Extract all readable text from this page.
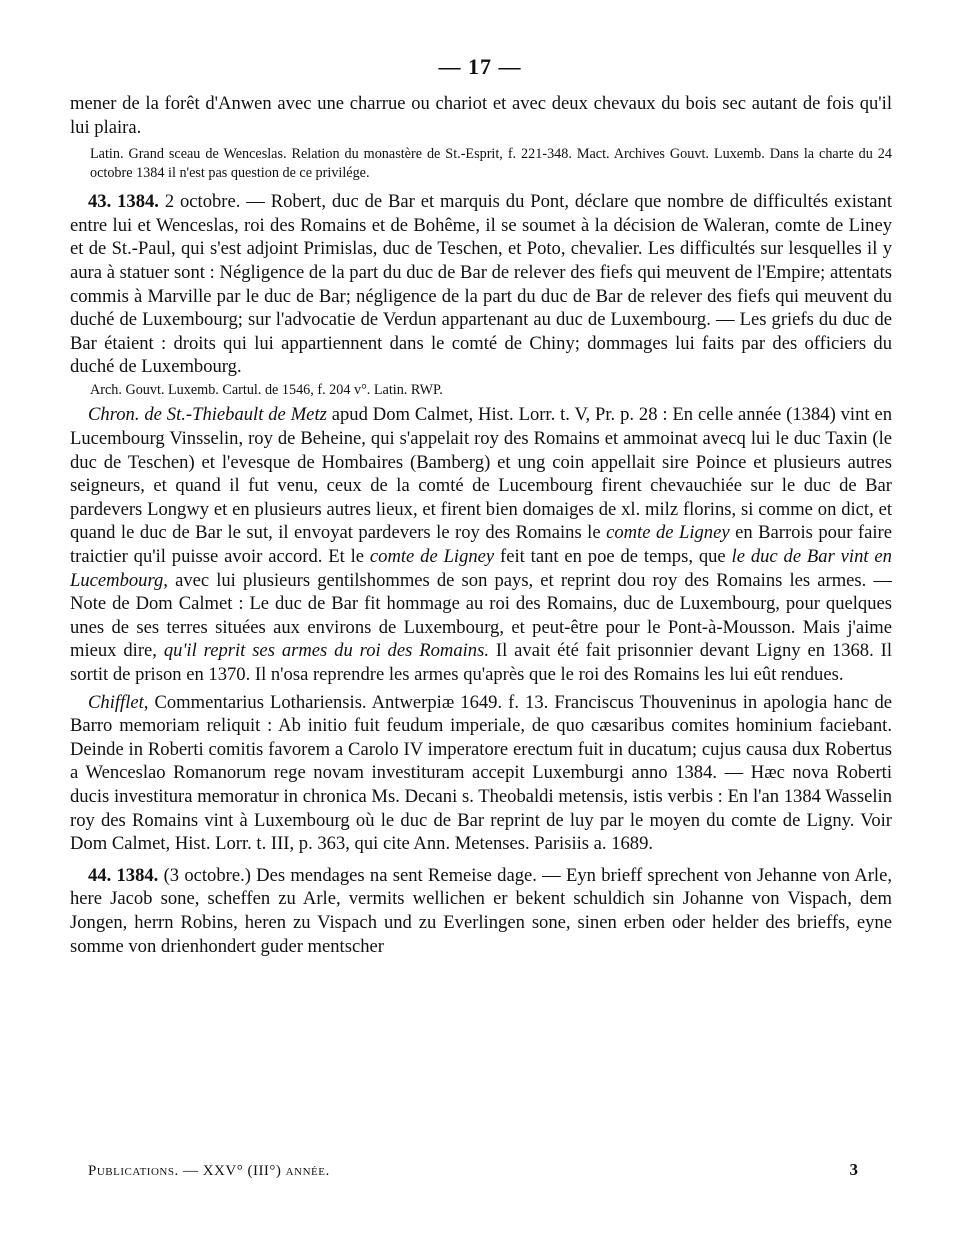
— 17 —

mener de la forêt d'Anwen avec une charrue ou chariot et avec deux chevaux du bois sec autant de fois qu'il lui plaira.

Latin. Grand sceau de Wenceslas. Relation du monastère de St.-Esprit, f. 221-348. Mact. Archives Gouvt. Luxemb. Dans la charte du 24 octobre 1384 il n'est pas question de ce privilége.

43. 1384. 2 octobre. — Robert, duc de Bar et marquis du Pont, déclare que nombre de difficultés existant entre lui et Wenceslas, roi des Romains et de Bohême, il se soumet à la décision de Waleran, comte de Liney et de St.-Paul, qui s'est adjoint Primislas, duc de Teschen, et Poto, chevalier. Les difficultés sur lesquelles il y aura à statuer sont : Négligence de la part du duc de Bar de relever des fiefs qui meuvent de l'Empire; attentats commis à Marville par le duc de Bar; négligence de la part du duc de Bar de relever des fiefs qui meuvent du duché de Luxembourg; sur l'advocatie de Verdun appartenant au duc de Luxembourg. — Les griefs du duc de Bar étaient : droits qui lui appartiennent dans le comté de Chiny; dommages lui faits par des officiers du duché de Luxembourg.

Arch. Gouvt. Luxemb. Cartul. de 1546, f. 204 v°. Latin. RWP.

Chron. de St.-Thiebault de Metz apud Dom Calmet, Hist. Lorr. t. V, Pr. p. 28 : En celle année (1384) vint en Lucembourg Vinsselin, roy de Beheine, qui s'appelait roy des Romains et ammoinat avecq lui le duc Taxin (le duc de Teschen) et l'evesque de Hombaires (Bamberg) et ung coin appellait sire Poince et plusieurs autres seigneurs, et quand il fut venu, ceux de la comté de Lucembourg firent chevauchiée sur le duc de Bar pardevers Longwy et en plusieurs autres lieux, et firent bien domaiges de xl. milz florins, si comme on dict, et quand le duc de Bar le sut, il envoyat pardevers le roy des Romains le comte de Ligney en Barrois pour faire traictier qu'il puisse avoir accord. Et le comte de Ligney feit tant en poe de temps, que le duc de Bar vint en Lucembourg, avec lui plusieurs gentilshommes de son pays, et reprint dou roy des Romains les armes. — Note de Dom Calmet : Le duc de Bar fit hommage au roi des Romains, duc de Luxembourg, pour quelques unes de ses terres situées aux environs de Luxembourg, et peut-être pour le Pont-à-Mousson. Mais j'aime mieux dire, qu'il reprit ses armes du roi des Romains. Il avait été fait prisonnier devant Ligny en 1368. Il sortit de prison en 1370. Il n'osa reprendre les armes qu'après que le roi des Romains les lui eût rendues.

Chifflet, Commentarius Lothariensis. Antwerpiæ 1649. f. 13. Franciscus Thouveninus in apologia hanc de Barro memoriam reliquit : Ab initio fuit feudum imperiale, de quo cæsaribus comites hominium faciebant. Deinde in Roberti comitis favorem a Carolo IV imperatore erectum fuit in ducatum; cujus causa dux Robertus a Wenceslao Romanorum rege novam investituram accepit Luxemburgi anno 1384. — Hæc nova Roberti ducis investitura memoratur in chronica Ms. Decani s. Theobaldi metensis, istis verbis : En l'an 1384 Wasselin roy des Romains vint à Luxembourg où le duc de Bar reprint de luy par le moyen du comte de Ligny. Voir Dom Calmet, Hist. Lorr. t. III, p. 363, qui cite Ann. Metenses. Parisiis a. 1689.

44. 1384. (3 octobre.) Des mendages na sent Remeise dage. — Eyn brieff sprechent von Jehanne von Arle, here Jacob sone, scheffen zu Arle, vermits wellichen er bekent schuldich sin Johanne von Vispach, dem Jongen, herrn Robins, heren zu Vispach und zu Everlingen sone, sinen erben oder helder des brieffs, eyne somme von drienhondert guder mentscher

Publications. — XXV° (III°) année.	3
